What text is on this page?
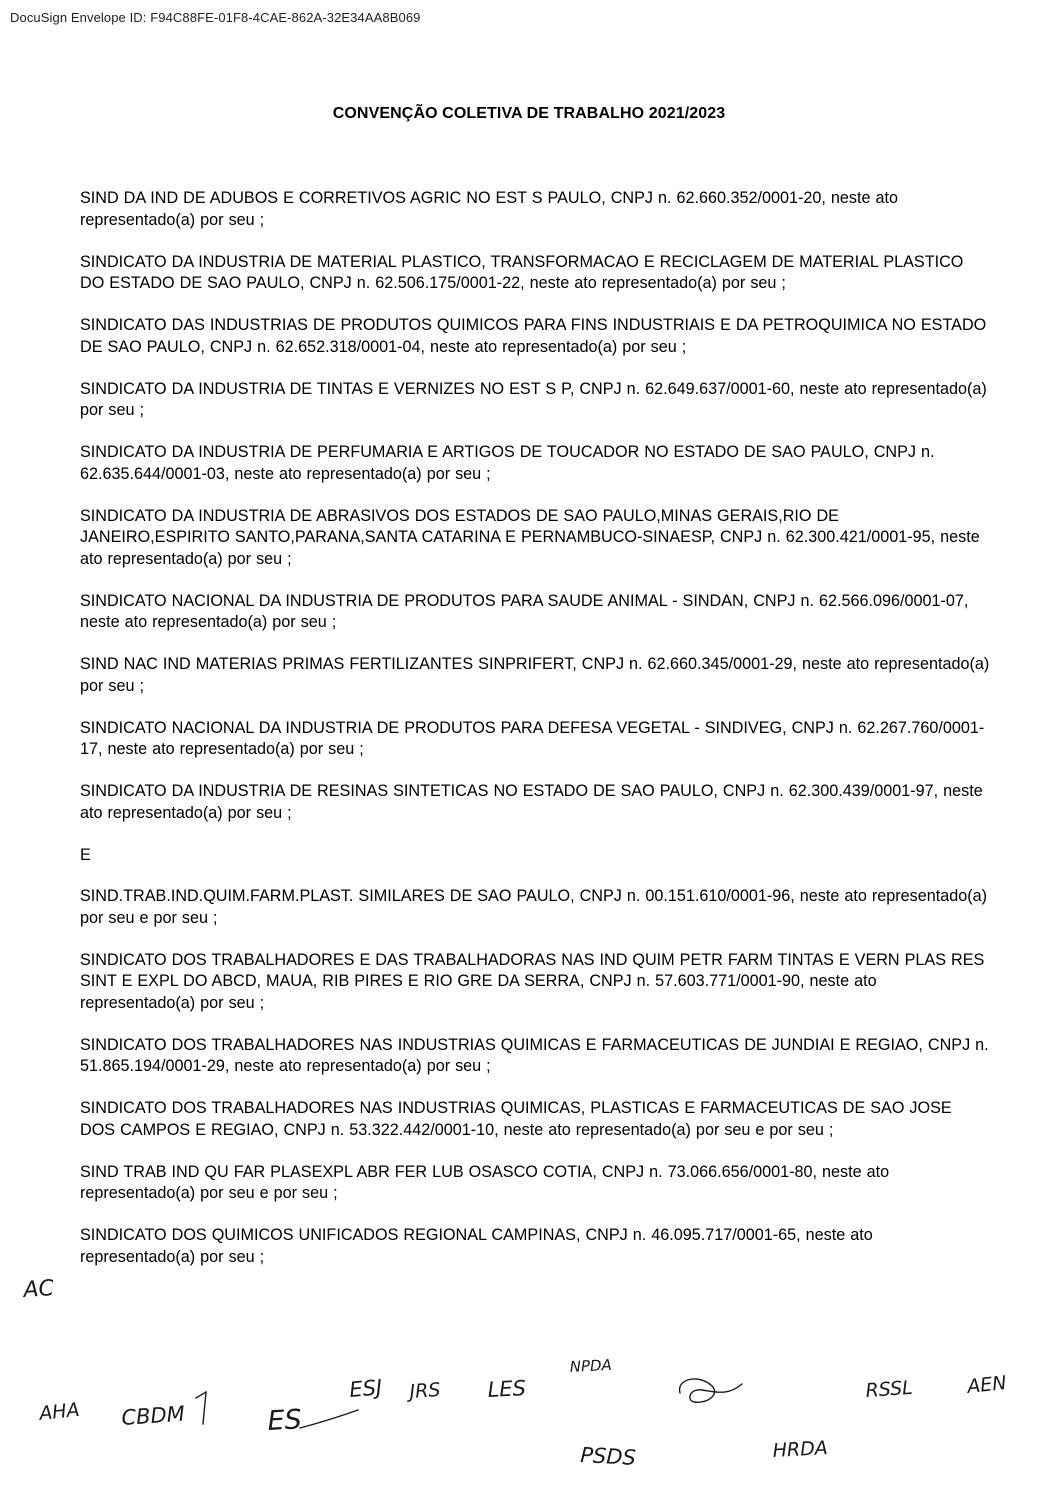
DocuSign Envelope ID: F94C88FE-01F8-4CAE-862A-32E34AA8B069
CONVENÇÃO COLETIVA DE TRABALHO 2021/2023
SIND DA IND DE ADUBOS E CORRETIVOS AGRIC NO EST S PAULO, CNPJ n. 62.660.352/0001-20, neste ato representado(a) por seu ;
SINDICATO DA INDUSTRIA DE MATERIAL PLASTICO, TRANSFORMACAO E RECICLAGEM DE MATERIAL PLASTICO DO ESTADO DE SAO PAULO, CNPJ n. 62.506.175/0001-22, neste ato representado(a) por seu ;
SINDICATO DAS INDUSTRIAS DE PRODUTOS QUIMICOS PARA FINS INDUSTRIAIS E DA PETROQUIMICA NO ESTADO DE SAO PAULO, CNPJ n. 62.652.318/0001-04, neste ato representado(a) por seu ;
SINDICATO DA INDUSTRIA DE TINTAS E VERNIZES NO EST S P, CNPJ n. 62.649.637/0001-60, neste ato representado(a) por seu ;
SINDICATO DA INDUSTRIA DE PERFUMARIA E ARTIGOS DE TOUCADOR NO ESTADO DE SAO PAULO, CNPJ n. 62.635.644/0001-03, neste ato representado(a) por seu ;
SINDICATO DA INDUSTRIA DE ABRASIVOS DOS ESTADOS DE SAO PAULO,MINAS GERAIS,RIO DE JANEIRO,ESPIRITO SANTO,PARANA,SANTA CATARINA E PERNAMBUCO-SINAESP, CNPJ n. 62.300.421/0001-95, neste ato representado(a) por seu ;
SINDICATO NACIONAL DA INDUSTRIA DE PRODUTOS PARA SAUDE ANIMAL - SINDAN, CNPJ n. 62.566.096/0001-07, neste ato representado(a) por seu ;
SIND NAC IND MATERIAS PRIMAS FERTILIZANTES SINPRIFERT, CNPJ n. 62.660.345/0001-29, neste ato representado(a) por seu ;
SINDICATO NACIONAL DA INDUSTRIA DE PRODUTOS PARA DEFESA VEGETAL - SINDIVEG, CNPJ n. 62.267.760/0001-17, neste ato representado(a) por seu ;
SINDICATO DA INDUSTRIA DE RESINAS SINTETICAS NO ESTADO DE SAO PAULO, CNPJ n. 62.300.439/0001-97, neste ato representado(a) por seu ;
E
SIND.TRAB.IND.QUIM.FARM.PLAST. SIMILARES DE SAO PAULO, CNPJ n. 00.151.610/0001-96, neste ato representado(a) por seu e por seu ;
SINDICATO DOS TRABALHADORES E DAS TRABALHADORAS NAS IND QUIM PETR FARM TINTAS E VERN PLAS RES SINT E EXPL DO ABCD, MAUA, RIB PIRES E RIO GRE DA SERRA, CNPJ n. 57.603.771/0001-90, neste ato representado(a) por seu ;
SINDICATO DOS TRABALHADORES NAS INDUSTRIAS QUIMICAS E FARMACEUTICAS DE JUNDIAI E REGIAO, CNPJ n. 51.865.194/0001-29, neste ato representado(a) por seu ;
SINDICATO DOS TRABALHADORES NAS INDUSTRIAS QUIMICAS, PLASTICAS E FARMACEUTICAS DE SAO JOSE DOS CAMPOS E REGIAO, CNPJ n. 53.322.442/0001-10, neste ato representado(a) por seu e por seu ;
SIND TRAB IND QU FAR PLASEXPL ABR FER LUB OSASCO COTIA, CNPJ n. 73.066.656/0001-80, neste ato representado(a) por seu e por seu ;
SINDICATO DOS QUIMICOS UNIFICADOS REGIONAL CAMPINAS, CNPJ n. 46.095.717/0001-65, neste ato representado(a) por seu ;
AC
AHA CBDM	ES
ESJ JRS LES
NPDA
RSSL	AEN
PSDS	HRDA
